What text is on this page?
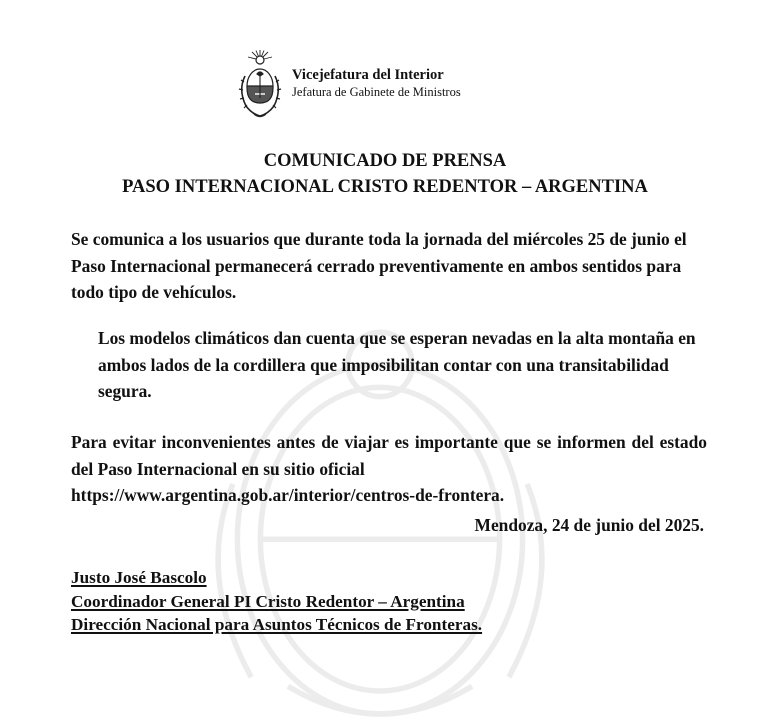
Vicejefatura del Interior
Jefatura de Gabinete de Ministros
COMUNICADO DE PRENSA
PASO INTERNACIONAL CRISTO REDENTOR – ARGENTINA
Se comunica a los usuarios que durante toda la jornada del miércoles 25 de junio el Paso Internacional permanecerá cerrado preventivamente en ambos sentidos para todo tipo de vehículos.
Los modelos climáticos dan cuenta que se esperan nevadas en la alta montaña en ambos lados de la cordillera que imposibilitan contar con una transitabilidad segura.
Para evitar inconvenientes antes de viajar es importante que se informen del estado del Paso Internacional en su sitio oficial
https://www.argentina.gob.ar/interior/centros-de-frontera.
Mendoza, 24 de junio del 2025.
Justo José Bascolo
Coordinador General PI Cristo Redentor – Argentina
Dirección Nacional para Asuntos Técnicos de Fronteras.
